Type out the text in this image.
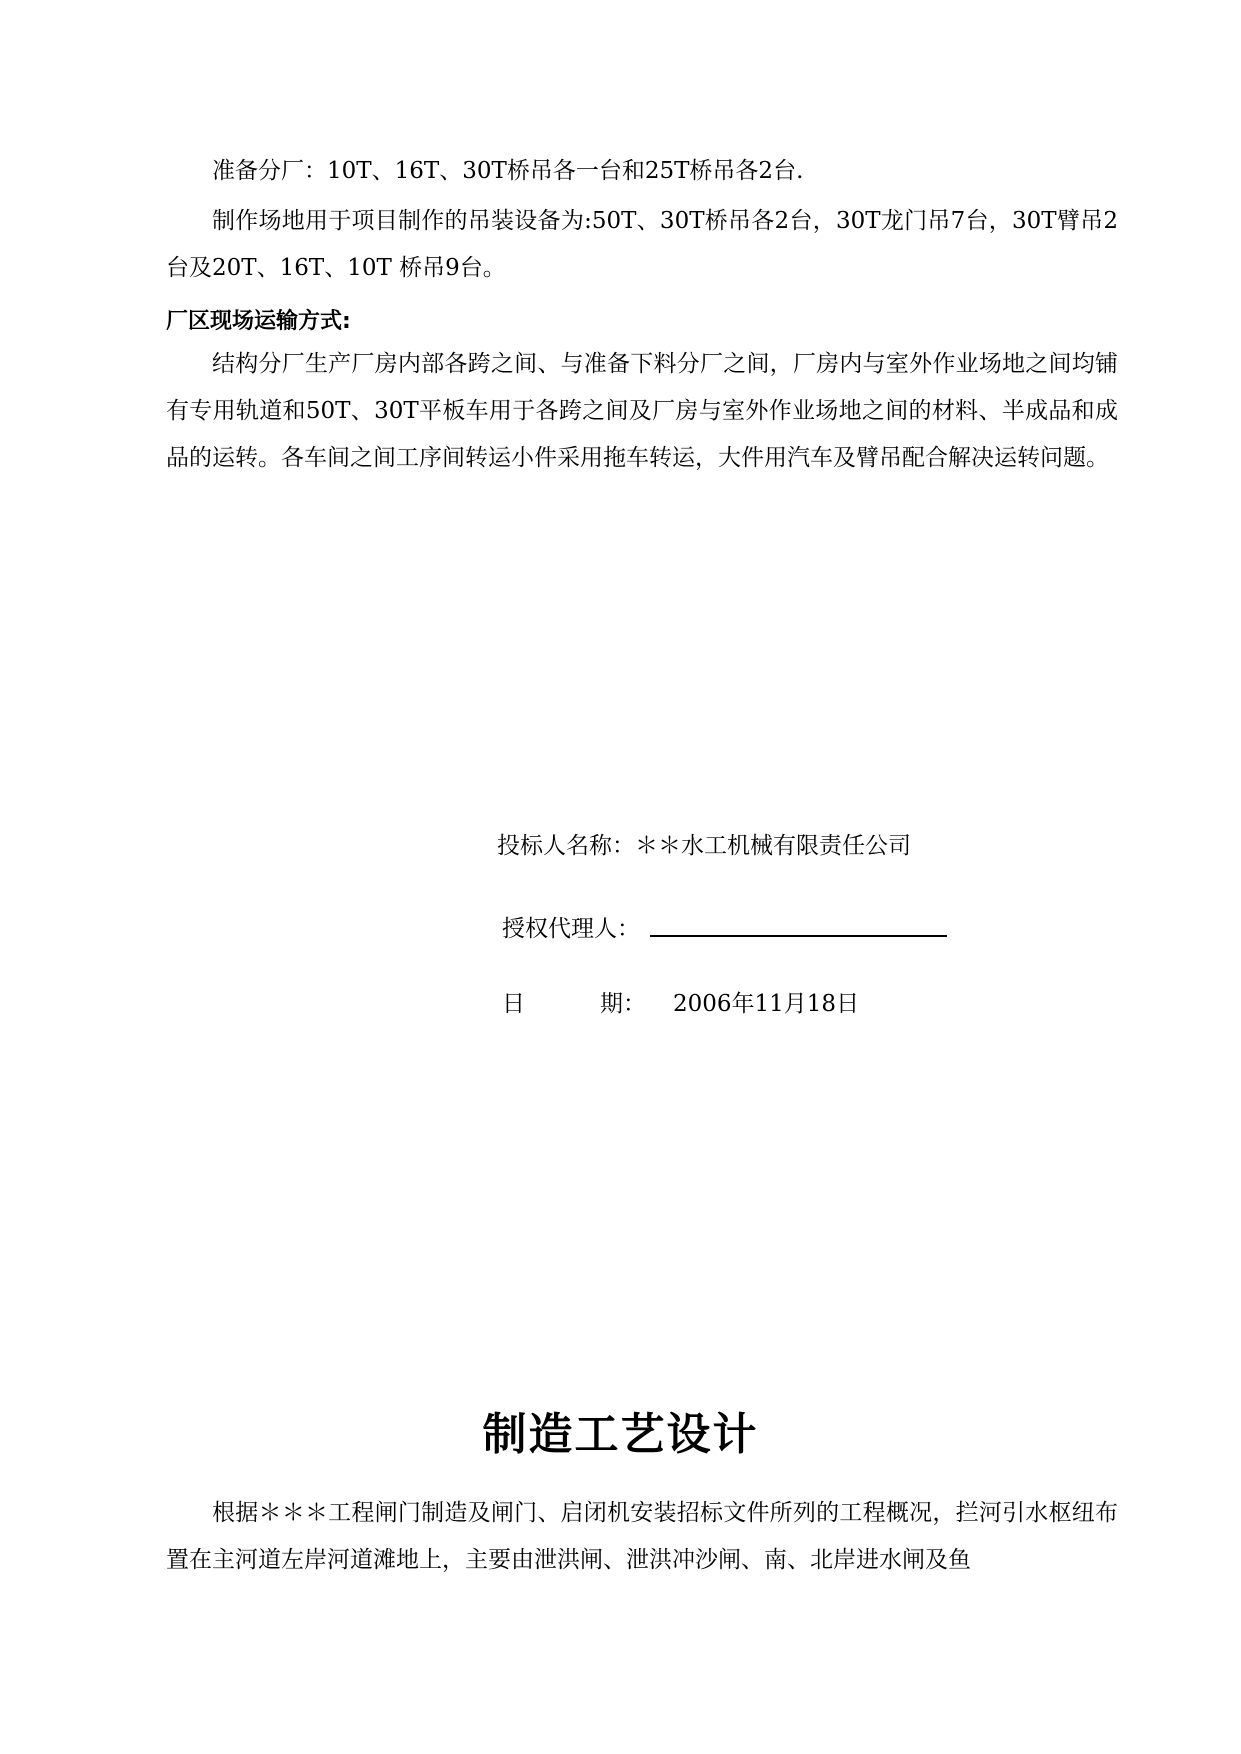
准备分厂：10T、16T、30T桥吊各一台和25T桥吊各2台.

制作场地用于项目制作的吊装设备为:50T、30T桥吊各2台，30T龙门吊7台，30T臂吊2台及20T、16T、10T 桥吊9台。

厂区现场运输方式:

结构分厂生产厂房内部各跨之间、与准备下料分厂之间，厂房内与室外作业场地之间均铺有专用轨道和50T、30T平板车用于各跨之间及厂房与室外作业场地之间的材料、半成品和成品的运转。各车间之间工序间转运小件采用拖车转运，大件用汽车及臂吊配合解决运转问题。

投标人名称：＊＊水工机械有限责任公司
授权代理人：
日	期： 2006年11月18日
制造工艺设计

根据＊＊＊工程闸门制造及闸门、启闭机安装招标文件所列的工程概况，拦河引水枢纽布置在主河道左岸河道滩地上，主要由泄洪闸、泄洪冲沙闸、南、北岸进水闸及鱼
